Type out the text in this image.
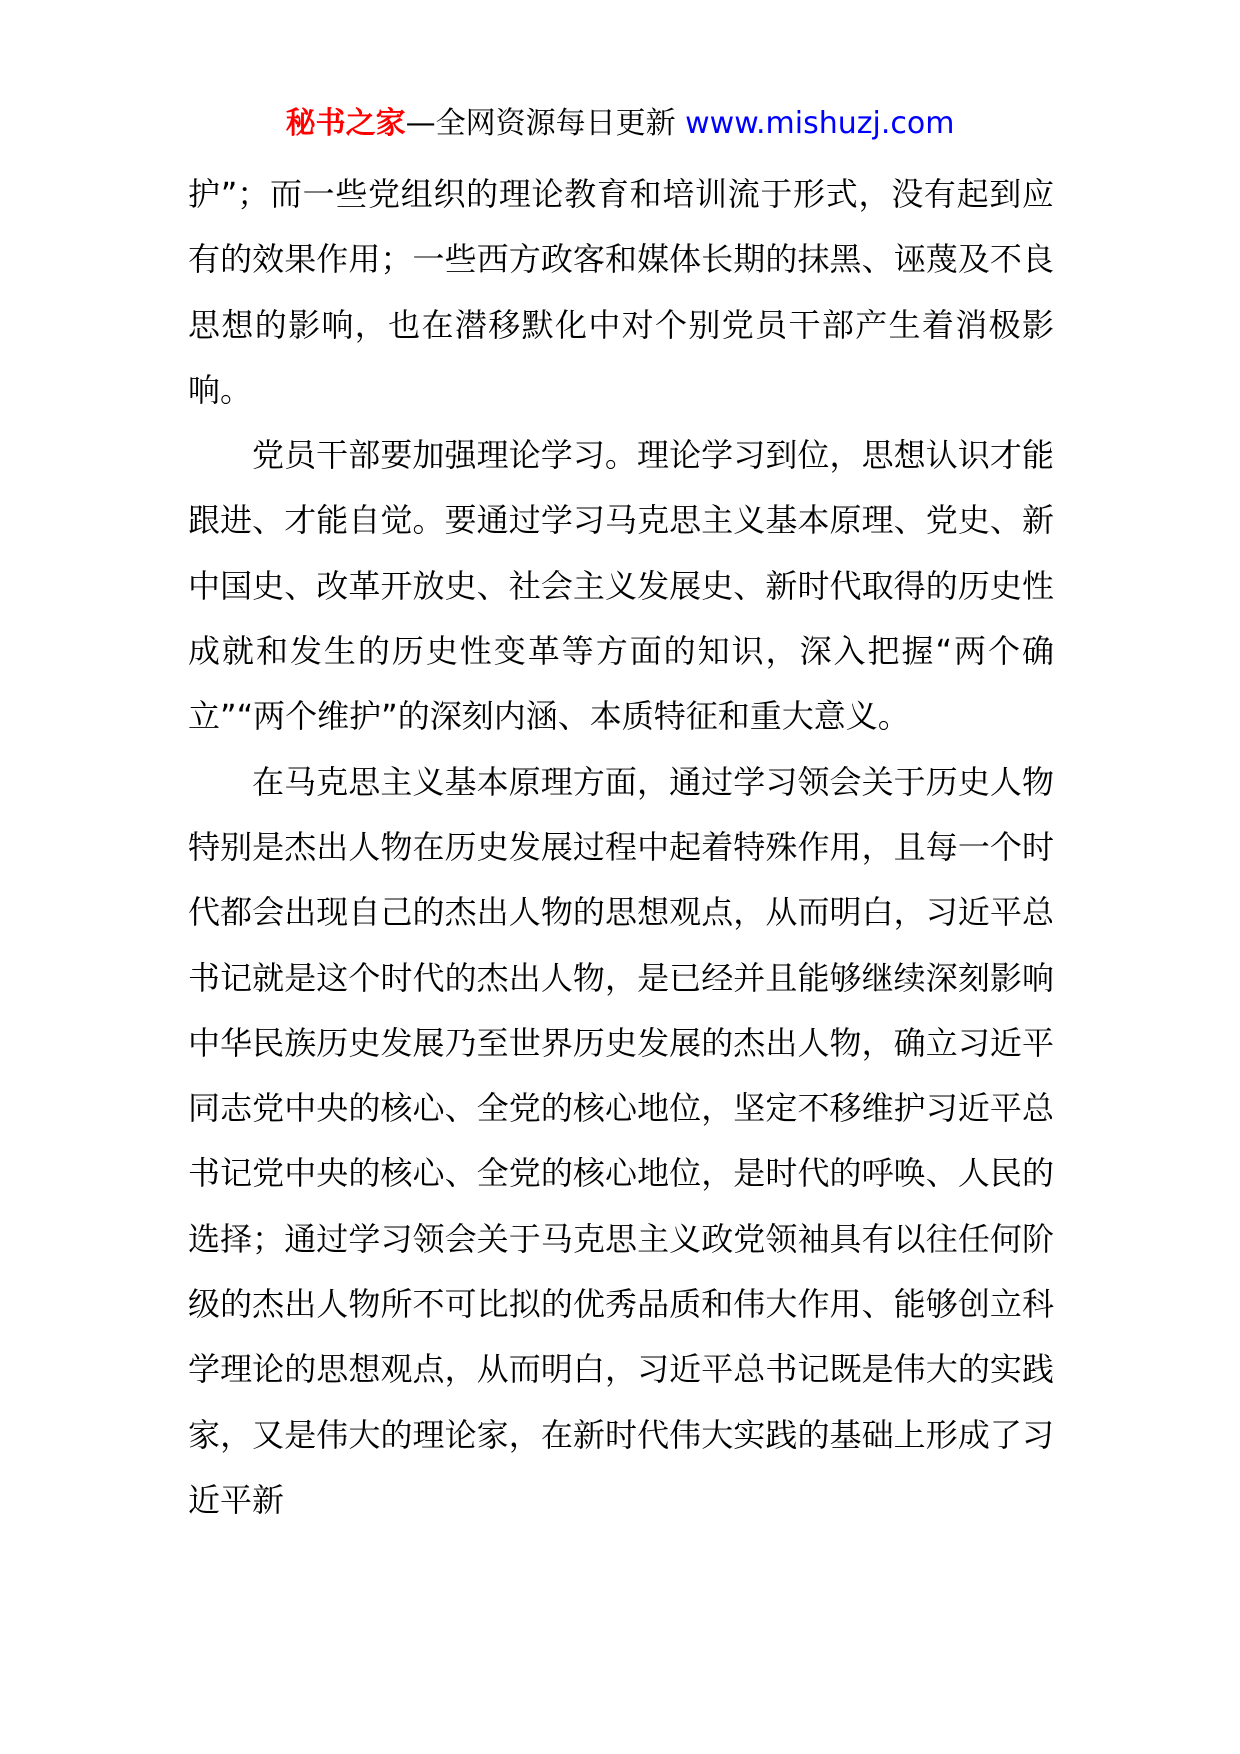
秘书之家—全网资源每日更新 www.mishuzj.com

护”；而一些党组织的理论教育和培训流于形式，没有起到应有的效果作用；一些西方政客和媒体长期的抹黑、诬蔑及不良思想的影响，也在潜移默化中对个别党员干部产生着消极影响。

党员干部要加强理论学习。理论学习到位，思想认识才能跟进、才能自觉。要通过学习马克思主义基本原理、党史、新中国史、改革开放史、社会主义发展史、新时代取得的历史性成就和发生的历史性变革等方面的知识，深入把握“两个确立”“两个维护”的深刻内涵、本质特征和重大意义。

在马克思主义基本原理方面，通过学习领会关于历史人物特别是杰出人物在历史发展过程中起着特殊作用，且每一个时代都会出现自己的杰出人物的思想观点，从而明白，习近平总书记就是这个时代的杰出人物，是已经并且能够继续深刻影响中华民族历史发展乃至世界历史发展的杰出人物，确立习近平同志党中央的核心、全党的核心地位，坚定不移维护习近平总书记党中央的核心、全党的核心地位，是时代的呼唤、人民的选择；通过学习领会关于马克思主义政党领袖具有以往任何阶级的杰出人物所不可比拟的优秀品质和伟大作用、能够创立科学理论的思想观点，从而明白，习近平总书记既是伟大的实践家，又是伟大的理论家，在新时代伟大实践的基础上形成了习近平新
